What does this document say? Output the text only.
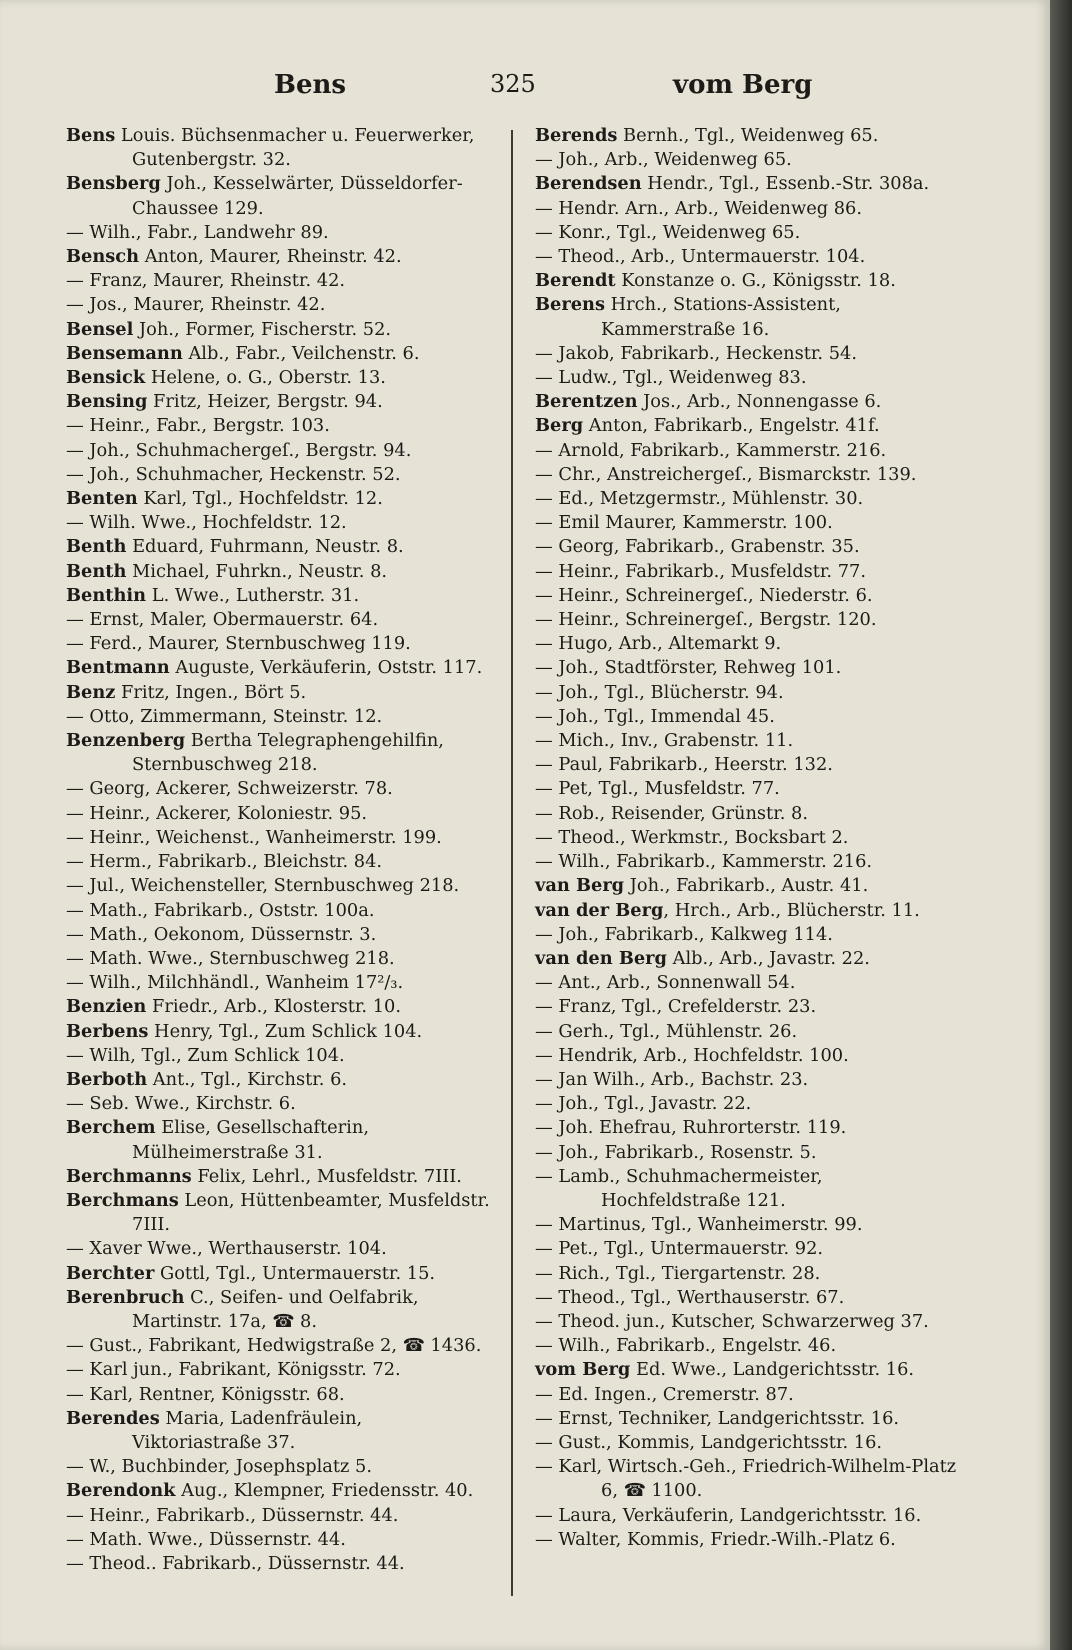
Bens	325	vom Berg

Bens Louis. Büchsenmacher u. Feuerwerker, Gutenbergstr. 32.

Bensberg Joh., Kesselwärter, Düsseldorfer-Chaussee 129.

— Wilh., Fabr., Landwehr 89.

Bensch Anton, Maurer, Rheinstr. 42.

— Franz, Maurer, Rheinstr. 42.

— Jos., Maurer, Rheinstr. 42.

Bensel Joh., Former, Fischerstr. 52.

Bensemann Alb., Fabr., Veilchenstr. 6.

Bensick Helene, o. G., Oberstr. 13.

Bensing Fritz, Heizer, Bergstr. 94.

— Heinr., Fabr., Bergstr. 103.

— Joh., Schuhmachergeſ., Bergstr. 94.

— Joh., Schuhmacher, Heckenstr. 52.

Benten Karl, Tgl., Hochfeldstr. 12.

— Wilh. Wwe., Hochfeldstr. 12.

Benth Eduard, Fuhrmann, Neustr. 8.

Benth Michael, Fuhrkn., Neustr. 8.

Benthin L. Wwe., Lutherstr. 31.

— Ernst, Maler, Obermauerstr. 64.

— Ferd., Maurer, Sternbuschweg 119.

Bentmann Auguste, Verkäuferin, Oststr. 117.

Benz Fritz, Ingen., Bört 5.

— Otto, Zimmermann, Steinstr. 12.

Benzenberg Bertha Telegraphengehilfin, Sternbuschweg 218.

— Georg, Ackerer, Schweizerstr. 78.

— Heinr., Ackerer, Koloniestr. 95.

— Heinr., Weichenst., Wanheimerstr. 199.

— Herm., Fabrikarb., Bleichstr. 84.

— Jul., Weichensteller, Sternbuschweg 218.

— Math., Fabrikarb., Oststr. 100a.

— Math., Oekonom, Düssernstr. 3.

— Math. Wwe., Sternbuschweg 218.

— Wilh., Milchhändl., Wanheim 17²/₃.

Benzien Friedr., Arb., Klosterstr. 10.

Berbens Henry, Tgl., Zum Schlick 104.

— Wilh, Tgl., Zum Schlick 104.

Berboth Ant., Tgl., Kirchstr. 6.

— Seb. Wwe., Kirchstr. 6.

Berchem Elise, Gesellschafterin, Mülheimerstraße 31.

Berchmanns Felix, Lehrl., Musfeldstr. 7III.

Berchmans Leon, Hüttenbeamter, Musfeldstr. 7III.

— Xaver Wwe., Werthauserstr. 104.

Berchter Gottl, Tgl., Untermauerstr. 15.

Berenbruch C., Seifen- und Oelfabrik, Martinstr. 17a, ☎ 8.

— Gust., Fabrikant, Hedwigstraße 2, ☎ 1436.

— Karl jun., Fabrikant, Königsstr. 72.

— Karl, Rentner, Königsstr. 68.

Berendes Maria, Ladenfräulein, Viktoriastraße 37.

— W., Buchbinder, Josephsplatz 5.

Berendonk Aug., Klempner, Friedensstr. 40.

— Heinr., Fabrikarb., Düssernstr. 44.

— Math. Wwe., Düssernstr. 44.

— Theod.. Fabrikarb., Düssernstr. 44.

Berends Bernh., Tgl., Weidenweg 65.

— Joh., Arb., Weidenweg 65.

Berendsen Hendr., Tgl., Essenb.-Str. 308a.

— Hendr. Arn., Arb., Weidenweg 86.

— Konr., Tgl., Weidenweg 65.

— Theod., Arb., Untermauerstr. 104.

Berendt Konstanze o. G., Königsstr. 18.

Berens Hrch., Stations-Assistent, Kammerstraße 16.

— Jakob, Fabrikarb., Heckenstr. 54.

— Ludw., Tgl., Weidenweg 83.

Berentzen Jos., Arb., Nonnengasse 6.

Berg Anton, Fabrikarb., Engelstr. 41f.

— Arnold, Fabrikarb., Kammerstr. 216.

— Chr., Anstreichergeſ., Bismarckstr. 139.

— Ed., Metzgermstr., Mühlenstr. 30.

— Emil Maurer, Kammerstr. 100.

— Georg, Fabrikarb., Grabenstr. 35.

— Heinr., Fabrikarb., Musfeldstr. 77.

— Heinr., Schreinergeſ., Niederstr. 6.

— Heinr., Schreinergeſ., Bergstr. 120.

— Hugo, Arb., Altemarkt 9.

— Joh., Stadtförster, Rehweg 101.

— Joh., Tgl., Blücherstr. 94.

— Joh., Tgl., Immendal 45.

— Mich., Inv., Grabenstr. 11.

— Paul, Fabrikarb., Heerstr. 132.

— Pet, Tgl., Musfeldstr. 77.

— Rob., Reisender, Grünstr. 8.

— Theod., Werkmstr., Bocksbart 2.

— Wilh., Fabrikarb., Kammerstr. 216.

van Berg Joh., Fabrikarb., Austr. 41.

van der Berg, Hrch., Arb., Blücherstr. 11.

— Joh., Fabrikarb., Kalkweg 114.

van den Berg Alb., Arb., Javastr. 22.

— Ant., Arb., Sonnenwall 54.

— Franz, Tgl., Crefelderstr. 23.

— Gerh., Tgl., Mühlenstr. 26.

— Hendrik, Arb., Hochfeldstr. 100.

— Jan Wilh., Arb., Bachstr. 23.

— Joh., Tgl., Javastr. 22.

— Joh. Ehefrau, Ruhrorterstr. 119.

— Joh., Fabrikarb., Rosenstr. 5.

— Lamb., Schuhmachermeister, Hochfeldstraße 121.

— Martinus, Tgl., Wanheimerstr. 99.

— Pet., Tgl., Untermauerstr. 92.

— Rich., Tgl., Tiergartenstr. 28.

— Theod., Tgl., Werthauserstr. 67.

— Theod. jun., Kutscher, Schwarzerweg 37.

— Wilh., Fabrikarb., Engelstr. 46.

vom Berg Ed. Wwe., Landgerichtsstr. 16.

— Ed. Ingen., Cremerstr. 87.

— Ernst, Techniker, Landgerichtsstr. 16.

— Gust., Kommis, Landgerichtsstr. 16.

— Karl, Wirtsch.-Geh., Friedrich-Wilhelm-Platz 6, ☎ 1100.

— Laura, Verkäuferin, Landgerichtsstr. 16.

— Walter, Kommis, Friedr.-Wilh.-Platz 6.
